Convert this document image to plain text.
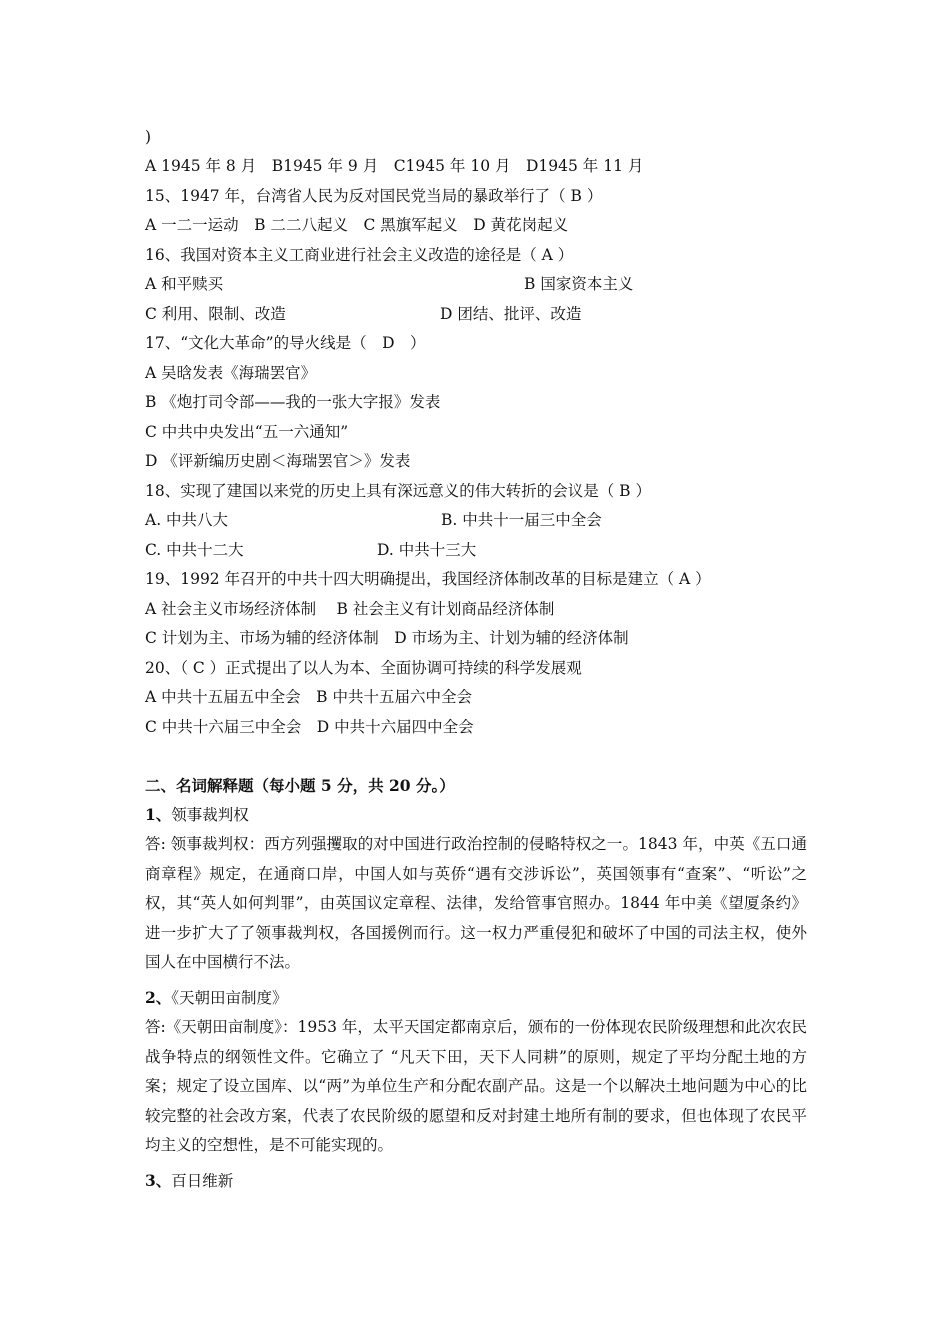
)
A 1945 年 8 月　B1945 年 9 月　C1945 年 10 月　D1945 年 11 月
15、1947 年，台湾省人民为反对国民党当局的暴政举行了（ B ）
A 一二一运动　B 二二八起义　C 黑旗军起义　D 黄花岗起义
16、我国对资本主义工商业进行社会主义改造的途径是（ A ）
A 和平赎买	B 国家资本主义
C 利用、限制、改造	D 团结、批评、改造
17、“文化大革命”的导火线是（　D　）
A 吴晗发表《海瑞罢官》
B 《炮打司令部——我的一张大字报》发表
C 中共中央发出“五一六通知”
D 《评新编历史剧＜海瑞罢官＞》发表
18、实现了建国以来党的历史上具有深远意义的伟大转折的会议是（ B ）
A. 中共八大	B. 中共十一届三中全会
C. 中共十二大	D. 中共十三大
19、1992 年召开的中共十四大明确提出，我国经济体制改革的目标是建立（ A ）
A 社会主义市场经济体制　 B 社会主义有计划商品经济体制
C 计划为主、市场为辅的经济体制　D 市场为主、计划为辅的经济体制
20、（ C ）正式提出了以人为本、全面协调可持续的科学发展观
A 中共十五届五中全会　B 中共十五届六中全会
C 中共十六届三中全会　D 中共十六届四中全会
二、名词解释题（每小题 5 分，共 20 分。）
1、领事裁判权
答: 领事裁判权：西方列强攫取的对中国进行政治控制的侵略特权之一。1843 年，中英《五口通商章程》规定，在通商口岸，中国人如与英侨“遇有交涉诉讼”，英国领事有“查案”、“听讼”之权，其“英人如何判罪”，由英国议定章程、法律，发给管事官照办。1844 年中美《望厦条约》进一步扩大了了领事裁判权，各国援例而行。这一权力严重侵犯和破坏了中国的司法主权，使外国人在中国横行不法。
2、《天朝田亩制度》
答:《天朝田亩制度》：1953 年，太平天国定都南京后，颁布的一份体现农民阶级理想和此次农民战争特点的纲领性文件。它确立了 “凡天下田，天下人同耕”的原则，规定了平均分配土地的方案；规定了设立国库、以“两”为单位生产和分配农副产品。这是一个以解决土地问题为中心的比较完整的社会改方案，代表了农民阶级的愿望和反对封建土地所有制的要求，但也体现了农民平均主义的空想性，是不可能实现的。
3、百日维新
